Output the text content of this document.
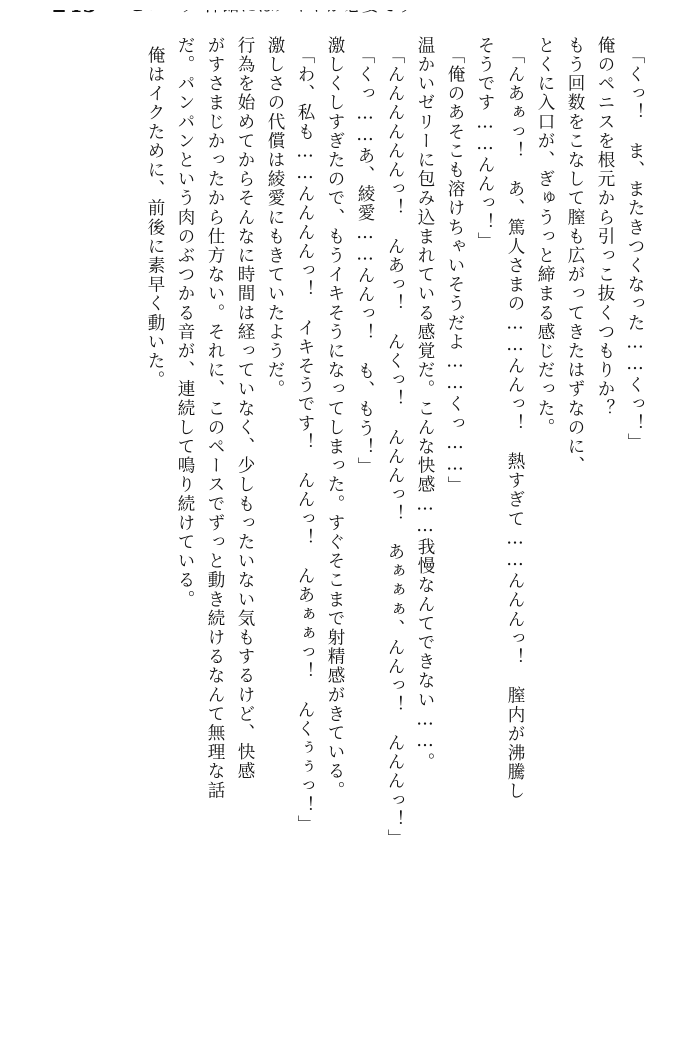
「くっ！　ま、またきつくなった……くっ！」
俺のペニスを根元から引っこ抜くつもりか？
もう回数をこなして膣も広がってきたはずなのに、
とくに入口が、ぎゅうっと締まる感じだった。
「んあぁっ！　あ、篤人さまの……んんっ！　熱すぎて……んんんっ！　膣内が沸騰し
そうです……んんっ！」
「俺のあそこも溶けちゃいそうだよ……くっ……」
温かいゼリーに包み込まれている感覚だ。こんな快感……我慢なんてできない……。
「んんんんんんっ！　んあっ！　んくっ！　んんんっ！　あぁぁぁ、んんっ！　んんんっ！」
「くっ……あ、綾愛……んんっ！　も、もう！」
激しくしすぎたので、もうイキそうになってしまった。すぐそこまで射精感がきている。
「わ、私も……んんんんっ！　イキそうです！　んんっ！　んあぁぁっ！　んくぅぅっ！」
激しさの代償は綾愛にもきていたようだ。
行為を始めてからそんなに時間は経っていなく、少しもったいない気もするけど、快感
がすさまじかったから仕方ない。それに、このペースでずっと動き続けるなんて無理な話
だ。パンパンという肉のぶつかる音が、連続して鳴り続けている。
俺はイクために、前後に素早く動いた。
